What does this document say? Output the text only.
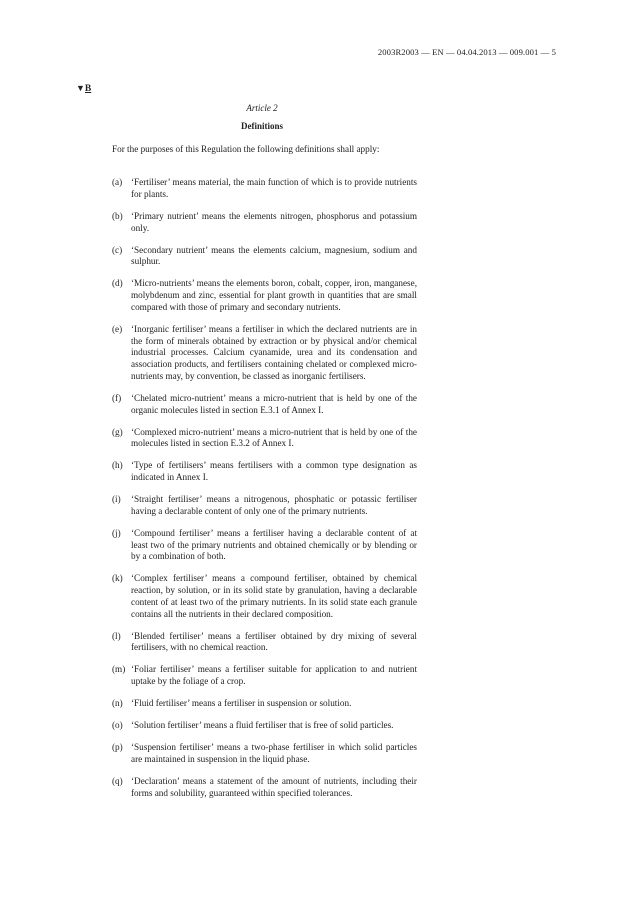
2003R2003 — EN — 04.04.2013 — 009.001 — 5
▼B
Article 2
Definitions
For the purposes of this Regulation the following definitions shall apply:
(a) ‘Fertiliser’ means material, the main function of which is to provide nutrients for plants.
(b) ‘Primary nutrient’ means the elements nitrogen, phosphorus and potassium only.
(c) ‘Secondary nutrient’ means the elements calcium, magnesium, sodium and sulphur.
(d) ‘Micro-nutrients’ means the elements boron, cobalt, copper, iron, manganese, molybdenum and zinc, essential for plant growth in quantities that are small compared with those of primary and secondary nutrients.
(e) ‘Inorganic fertiliser’ means a fertiliser in which the declared nutrients are in the form of minerals obtained by extraction or by physical and/or chemical industrial processes. Calcium cyanamide, urea and its condensation and association products, and fertilisers containing chelated or complexed micro-nutrients may, by convention, be classed as inorganic fertilisers.
(f)	‘Chelated micro-nutrient’ means a micro-nutrient that is held by one of the organic molecules listed in section E.3.1 of Annex I.
(g) ‘Complexed micro-nutrient’ means a micro-nutrient that is held by one of the molecules listed in section E.3.2 of Annex I.
(h) ‘Type of fertilisers’ means fertilisers with a common type designation as indicated in Annex I.
(i)	‘Straight fertiliser’ means a nitrogenous, phosphatic or potassic fertiliser having a declarable content of only one of the primary nutrients.
(j)	‘Compound fertiliser’ means a fertiliser having a declarable content of at least two of the primary nutrients and obtained chemically or by blending or by a combination of both.
(k) ‘Complex fertiliser’ means a compound fertiliser, obtained by chemical reaction, by solution, or in its solid state by granulation, having a declarable content of at least two of the primary nutrients. In its solid state each granule contains all the nutrients in their declared composition.
(l)	‘Blended fertiliser’ means a fertiliser obtained by dry mixing of several fertilisers, with no chemical reaction.
(m) ‘Foliar fertiliser’ means a fertiliser suitable for application to and nutrient uptake by the foliage of a crop.
(n) ‘Fluid fertiliser’ means a fertiliser in suspension or solution.
(o) ‘Solution fertiliser’ means a fluid fertiliser that is free of solid particles.
(p) ‘Suspension fertiliser’ means a two-phase fertiliser in which solid particles are maintained in suspension in the liquid phase.
(q) ‘Declaration’ means a statement of the amount of nutrients, including their forms and solubility, guaranteed within specified tolerances.
